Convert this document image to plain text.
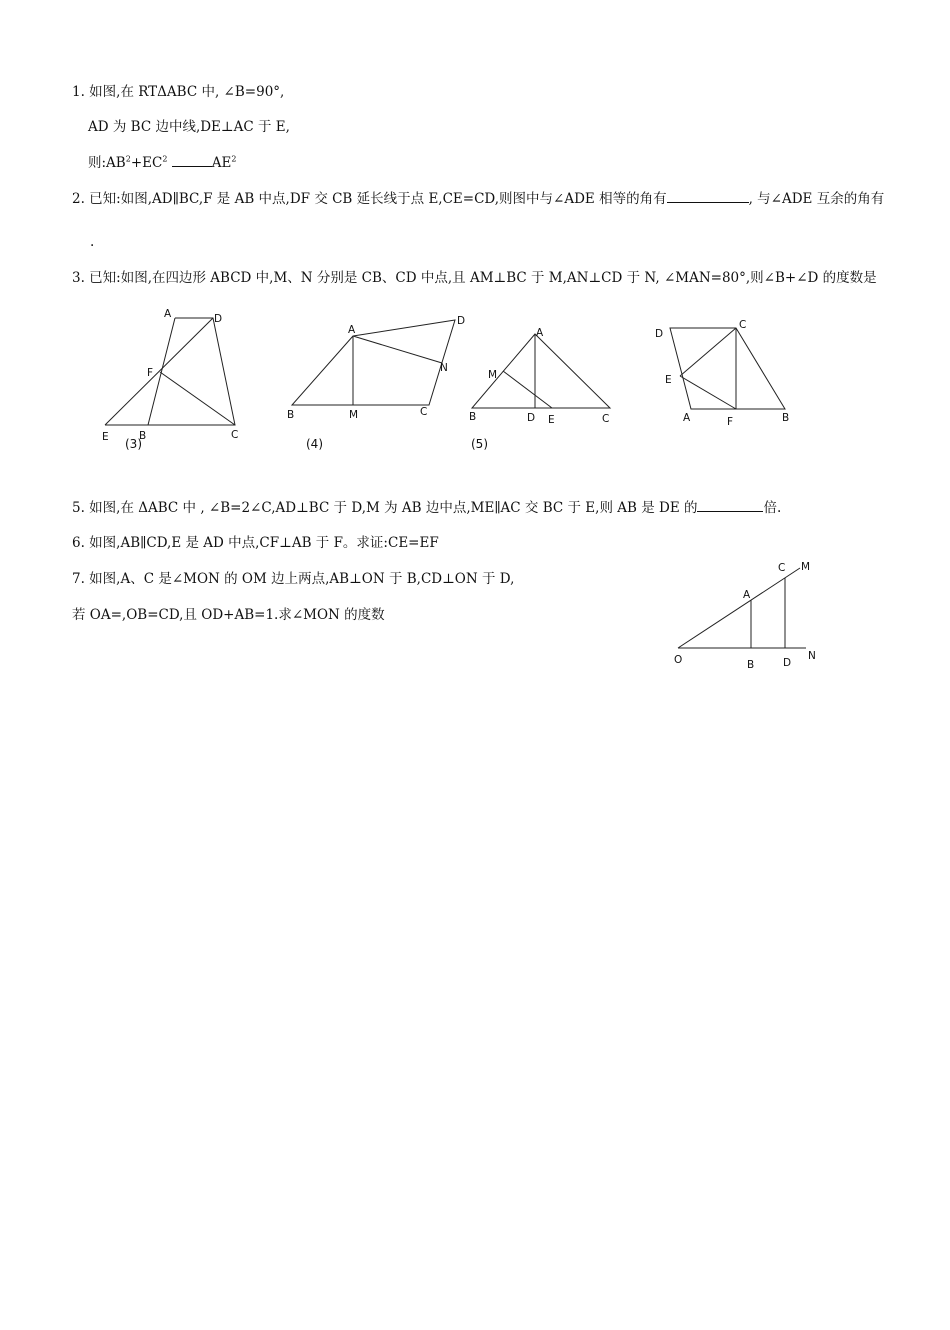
1. 如图,在 RTΔABC 中, ∠B=90°,
AD 为 BC 边中线,DE⊥AC 于 E,
则$:AB^2+EC^2$	$AE^2$
2. 已知:如图,AD∥BC,F 是 AB 中点,DF 交 CB 延长线于点 E,CE=CD,则图中与∠ADE 相等的角有	, 与∠ADE 互余的角有
.
3. 已知:如图,在四边形 ABCD 中,M、N 分别是 CB、CD 中点,且 AM⊥BC 于 M,AN⊥CD 于 N, ∠MAN=80°,则∠B+∠D 的度数是
A	D
F
E	B	C
A
D
N
B	M	C
A
M
B	D E	C
D
C
E
A	F	B
C M
A
O	B	D
N
(3)	(4)	(5)
5. 如图,在 ΔABC 中 , ∠B=2∠C,AD⊥BC 于 D,M 为 AB 边中点,ME∥AC 交 BC 于 E,则 AB 是 DE 的	倍.
6. 如图,AB∥CD,E 是 AD 中点,CF⊥AB 于 F。求证:CE=EF
7. 如图,A、C 是∠MON 的 OM 边上两点,AB⊥ON 于 B,CD⊥ON 于 D,
若 OA=,OB=CD,且 OD+AB=1.求∠MON 的度数
